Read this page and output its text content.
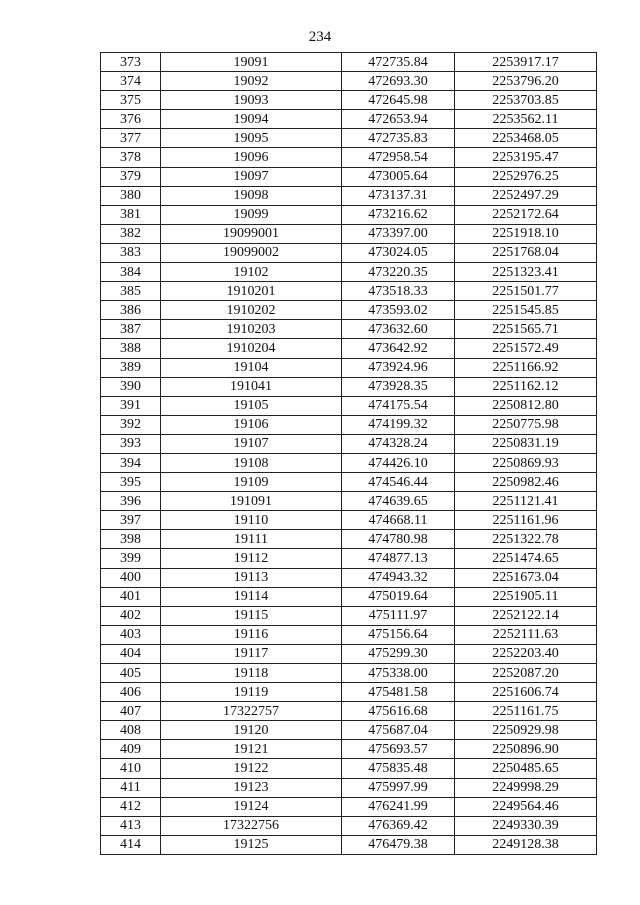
234
373	19091	472735.84	2253917.17
374	19092	472693.30	2253796.20
375	19093	472645.98	2253703.85
376	19094	472653.94	2253562.11
377	19095	472735.83	2253468.05
378	19096	472958.54	2253195.47
379	19097	473005.64	2252976.25
380	19098	473137.31	2252497.29
381	19099	473216.62	2252172.64
382	19099001	473397.00	2251918.10
383	19099002	473024.05	2251768.04
384	19102	473220.35	2251323.41
385	1910201	473518.33	2251501.77
386	1910202	473593.02	2251545.85
387	1910203	473632.60	2251565.71
388	1910204	473642.92	2251572.49
389	19104	473924.96	2251166.92
390	191041	473928.35	2251162.12
391	19105	474175.54	2250812.80
392	19106	474199.32	2250775.98
393	19107	474328.24	2250831.19
394	19108	474426.10	2250869.93
395	19109	474546.44	2250982.46
396	191091	474639.65	2251121.41
397	19110	474668.11	2251161.96
398	19111	474780.98	2251322.78
399	19112	474877.13	2251474.65
400	19113	474943.32	2251673.04
401	19114	475019.64	2251905.11
402	19115	475111.97	2252122.14
403	19116	475156.64	2252111.63
404	19117	475299.30	2252203.40
405	19118	475338.00	2252087.20
406	19119	475481.58	2251606.74
407	17322757	475616.68	2251161.75
408	19120	475687.04	2250929.98
409	19121	475693.57	2250896.90
410	19122	475835.48	2250485.65
411	19123	475997.99	2249998.29
412	19124	476241.99	2249564.46
413	17322756	476369.42	2249330.39
414	19125	476479.38	2249128.38
